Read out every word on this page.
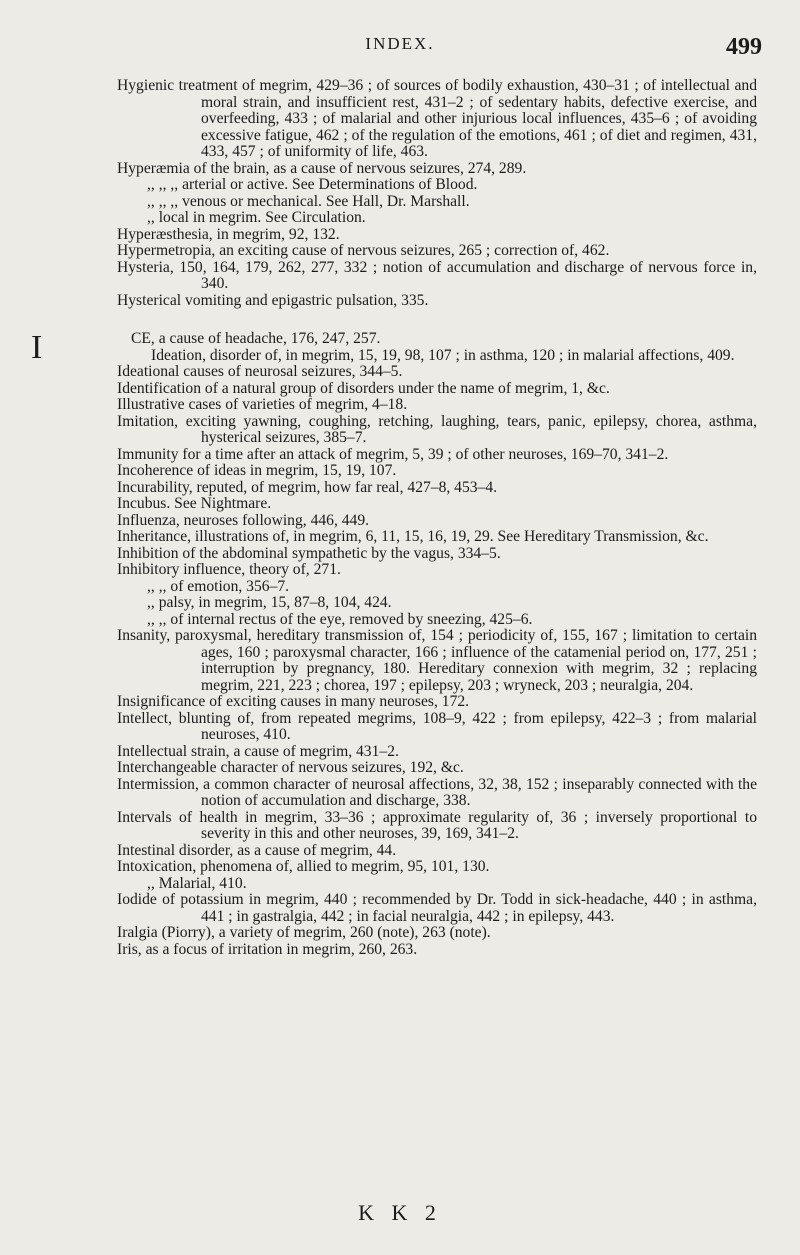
INDEX.	499

Hygienic treatment of megrim, 429–36 ; of sources of bodily exhaustion, 430–31 ; of intellectual and moral strain, and insufficient rest, 431–2 ; of sedentary habits, defective exercise, and overfeeding, 433 ; of malarial and other injurious local influences, 435–6 ; of avoiding excessive fatigue, 462 ; of the regulation of the emotions, 461 ; of diet and regimen, 431, 433, 457 ; of uniformity of life, 463.

Hyperæmia of the brain, as a cause of nervous seizures, 274, 289.

,, ,, ,, arterial or active. See Determinations of Blood.

,, ,, ,, venous or mechanical. See Hall, Dr. Marshall.

,, local in megrim. See Circulation.

Hyperæsthesia, in megrim, 92, 132.

Hypermetropia, an exciting cause of nervous seizures, 265 ; correction of, 462.

Hysteria, 150, 164, 179, 262, 277, 332 ; notion of accumulation and discharge of nervous force in, 340.

Hysterical vomiting and epigastric pulsation, 335.

I	CE, a cause of headache, 176, 247, 257.

Ideation, disorder of, in megrim, 15, 19, 98, 107 ; in asthma, 120 ; in malarial affections, 409.

Ideational causes of neurosal seizures, 344–5.

Identification of a natural group of disorders under the name of megrim, 1, &c.

Illustrative cases of varieties of megrim, 4–18.

Imitation, exciting yawning, coughing, retching, laughing, tears, panic, epilepsy, chorea, asthma, hysterical seizures, 385–7.

Immunity for a time after an attack of megrim, 5, 39 ; of other neuroses, 169–70, 341–2.

Incoherence of ideas in megrim, 15, 19, 107.

Incurability, reputed, of megrim, how far real, 427–8, 453–4.

Incubus. See Nightmare.

Influenza, neuroses following, 446, 449.

Inheritance, illustrations of, in megrim, 6, 11, 15, 16, 19, 29. See Hereditary Transmission, &c.

Inhibition of the abdominal sympathetic by the vagus, 334–5.

Inhibitory influence, theory of, 271.

,, ,, of emotion, 356–7.

,, palsy, in megrim, 15, 87–8, 104, 424.

,, ,, of internal rectus of the eye, removed by sneezing, 425–6.

Insanity, paroxysmal, hereditary transmission of, 154 ; periodicity of, 155, 167 ; limitation to certain ages, 160 ; paroxysmal character, 166 ; influence of the catamenial period on, 177, 251 ; interruption by pregnancy, 180. Hereditary connexion with megrim, 32 ; replacing megrim, 221, 223 ; chorea, 197 ; epilepsy, 203 ; wryneck, 203 ; neuralgia, 204.

Insignificance of exciting causes in many neuroses, 172.

Intellect, blunting of, from repeated megrims, 108–9, 422 ; from epilepsy, 422–3 ; from malarial neuroses, 410.

Intellectual strain, a cause of megrim, 431–2.

Interchangeable character of nervous seizures, 192, &c.

Intermission, a common character of neurosal affections, 32, 38, 152 ; inseparably connected with the notion of accumulation and discharge, 338.

Intervals of health in megrim, 33–36 ; approximate regularity of, 36 ; inversely proportional to severity in this and other neuroses, 39, 169, 341–2.

Intestinal disorder, as a cause of megrim, 44.

Intoxication, phenomena of, allied to megrim, 95, 101, 130.

,, Malarial, 410.

Iodide of potassium in megrim, 440 ; recommended by Dr. Todd in sick-headache, 440 ; in asthma, 441 ; in gastralgia, 442 ; in facial neuralgia, 442 ; in epilepsy, 443.

Iralgia (Piorry), a variety of megrim, 260 (note), 263 (note).

Iris, as a focus of irritation in megrim, 260, 263.

K K 2
